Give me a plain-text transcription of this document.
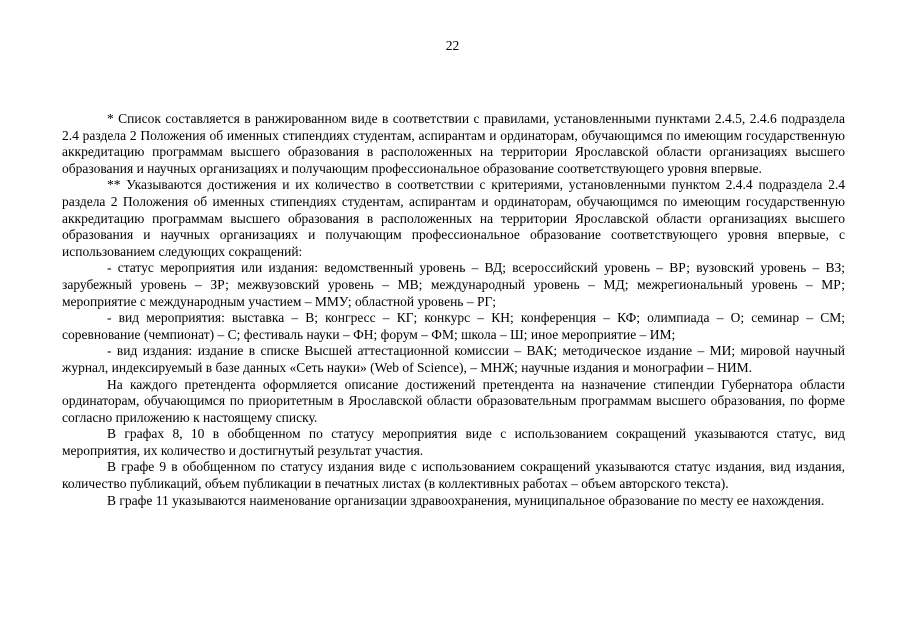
22

* Список составляется в ранжированном виде в соответствии с правилами, установленными пунктами 2.4.5, 2.4.6 подраздела 2.4 раздела 2 Положения об именных стипендиях студентам, аспирантам и ординаторам, обучающимся по имеющим государственную аккредитацию программам высшего образования в расположенных на территории Ярославской области организациях высшего образования и научных организациях и получающим профессиональное образование соответствующего уровня впервые.

** Указываются достижения и их количество в соответствии с критериями, установленными пунктом 2.4.4 подраздела 2.4 раздела 2 Положения об именных стипендиях студентам, аспирантам и ординаторам, обучающимся по имеющим государственную аккредитацию программам высшего образования в расположенных на территории Ярославской области организациях высшего образования и научных организациях и получающим профессиональное образование соответствующего уровня впервые, с использованием следующих сокращений:

- статус мероприятия или издания: ведомственный уровень – ВД; всероссийский уровень – ВР; вузовский уровень – ВЗ; зарубежный уровень – ЗР; межвузовский уровень – МВ; международный уровень – МД; межрегиональный уровень – МР; мероприятие с международным участием – МMУ; областной уровень – РГ;

- вид мероприятия: выставка – В; конгресс – КГ; конкурс – КН; конференция – КФ; олимпиада – О; семинар – СМ; соревнование (чемпионат) – С; фестиваль науки – ФН; форум – ФМ; школа – Ш; иное мероприятие – ИМ;

- вид издания: издание в списке Высшей аттестационной комиссии – ВАК; методическое издание – МИ; мировой научный журнал, индексируемый в базе данных «Сеть науки» (Web of Science), – МНЖ; научные издания и монографии – НИМ.

На каждого претендента оформляется описание достижений претендента на назначение стипендии Губернатора области ординаторам, обучающимся по приоритетным в Ярославской области образовательным программам высшего образования, по форме согласно приложению к настоящему списку.

В графах 8, 10 в обобщенном по статусу мероприятия виде с использованием сокращений указываются статус, вид мероприятия, их количество и достигнутый результат участия.

В графе 9 в обобщенном по статусу издания виде с использованием сокращений указываются статус издания, вид издания, количество публикаций, объем публикации в печатных листах (в коллективных работах – объем авторского текста).

В графе 11 указываются наименование организации здравоохранения, муниципальное образование по месту ее нахождения.
